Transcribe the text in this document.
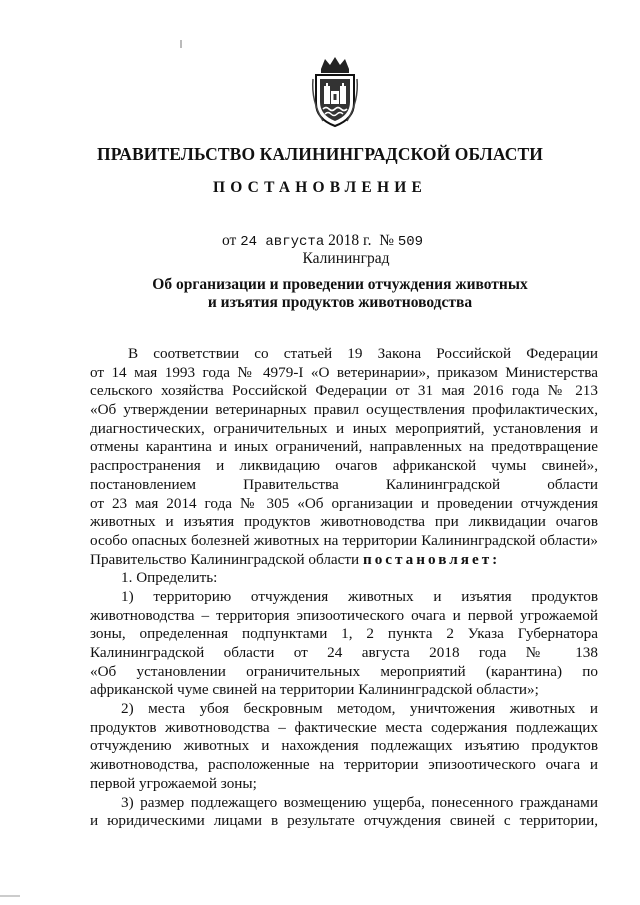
ПРАВИТЕЛЬСТВО КАЛИНИНГРАДСКОЙ ОБЛАСТИ
ПОСТАНОВЛЕНИЕ
от 24 августа 2018 г. № 509
Калининград
Об организации и проведении отчуждения животных
и изъятия продуктов животноводства
В соответствии со статьей 19 Закона Российской Федерации
от 14 мая 1993 года № 4979-I «О ветеринарии», приказом Министерства
сельского хозяйства Российской Федерации от 31 мая 2016 года № 213
«Об утверждении ветеринарных правил осуществления профилактических,
диагностических, ограничительных и иных мероприятий, установления и
отмены карантина и иных ограничений, направленных на предотвращение
распространения и ликвидацию очагов африканской чумы свиней»,
постановлением Правительства Калининградской области
от 23 мая 2014 года № 305 «Об организации и проведении отчуждения
животных и изъятия продуктов животноводства при ликвидации очагов
особо опасных болезней животных на территории Калининградской области»
Правительство Калининградской области постановляет:
1. Определить:
1) территорию отчуждения животных и изъятия продуктов
животноводства – территория эпизоотического очага и первой угрожаемой
зоны, определенная подпунктами 1, 2 пункта 2 Указа Губернатора
Калининградской области от 24 августа 2018 года № 138
«Об установлении ограничительных мероприятий (карантина) по
африканской чуме свиней на территории Калининградской области»;
2) места убоя бескровным методом, уничтожения животных и
продуктов животноводства – фактические места содержания подлежащих
отчуждению животных и нахождения подлежащих изъятию продуктов
животноводства, расположенные на территории эпизоотического очага и
первой угрожаемой зоны;
3) размер подлежащего возмещению ущерба, понесенного гражданами
и юридическими лицами в результате отчуждения свиней с территории,
